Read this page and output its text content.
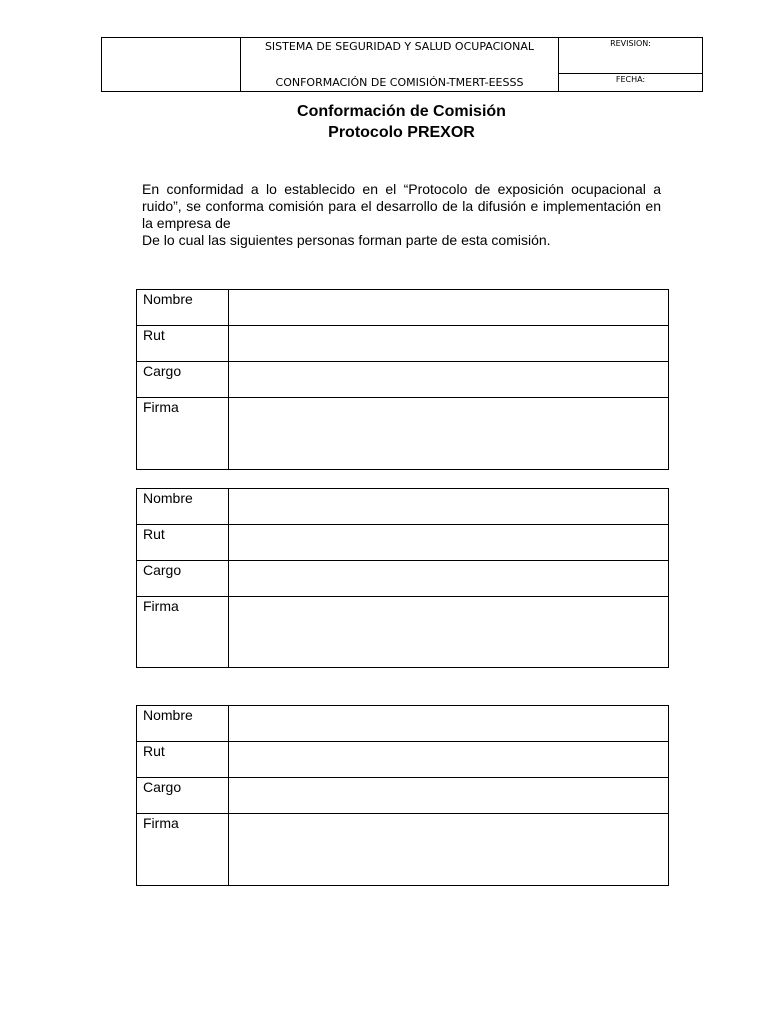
SISTEMA DE SEGURIDAD Y SALUD OCUPACIONAL
CONFORMACIÓN DE COMISIÓN-TMERT-EESSS

REVISION:

FECHA:
Conformación de Comisión
Protocolo PREXOR

En conformidad a lo establecido en el “Protocolo de exposición ocupacional a ruido”, se conforma comisión para el desarrollo de la difusión e implementación en la empresa de

De lo cual las siguientes personas forman parte de esta comisión.

Nombre	
Rut	
Cargo	
Firma	
Nombre	
Rut	
Cargo	
Firma	
Nombre	
Rut	
Cargo	
Firma	
